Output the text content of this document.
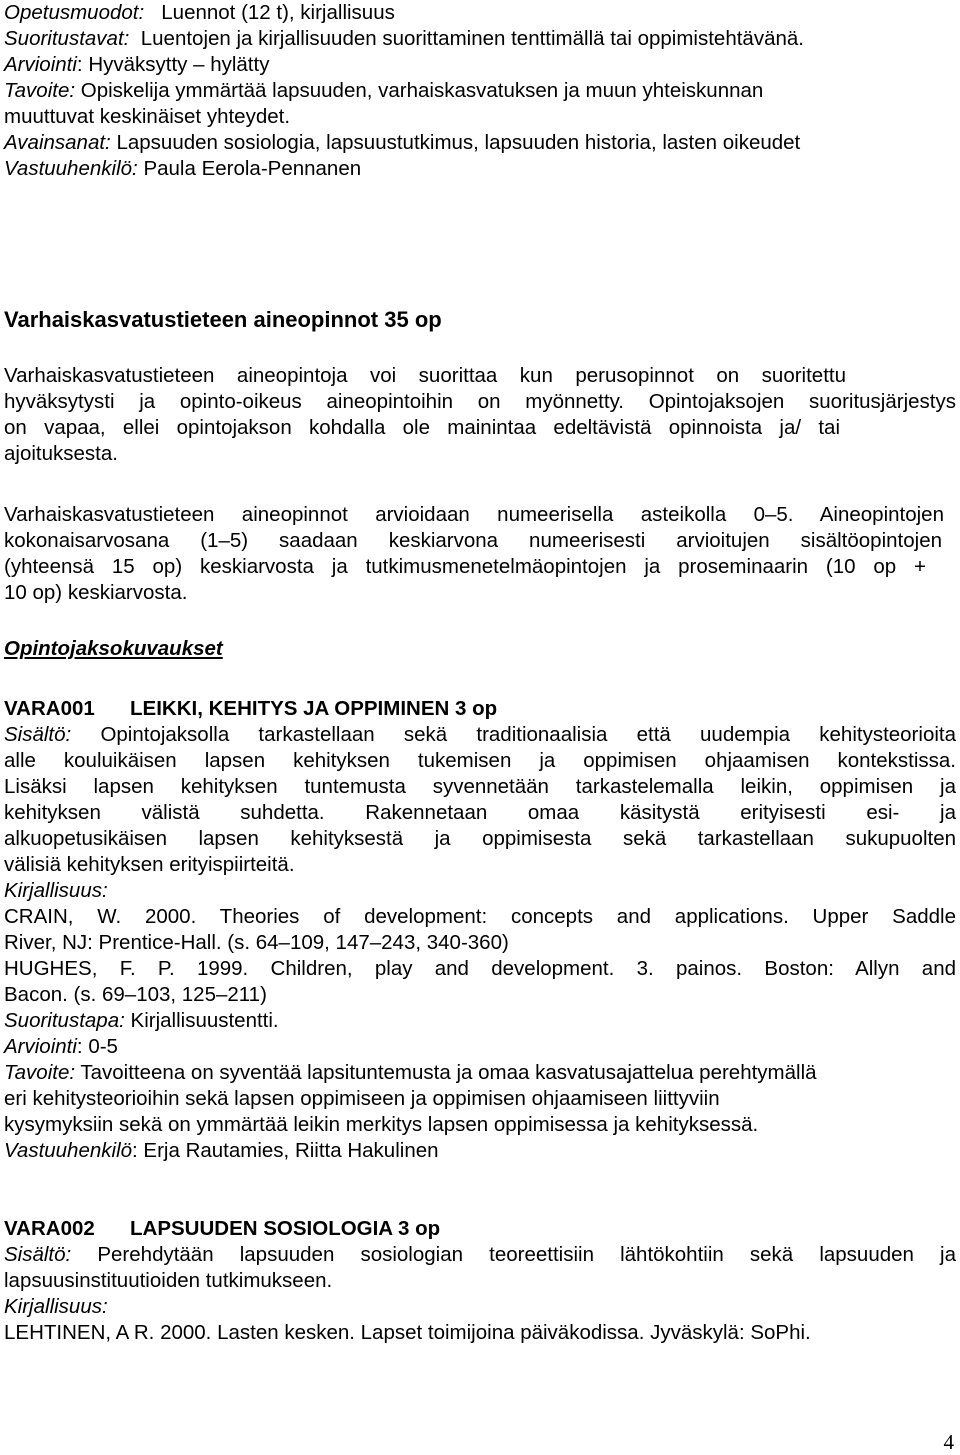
Opetusmuodot: Luennot (12 t), kirjallisuus
Suoritustavat: Luentojen ja kirjallisuuden suorittaminen tenttimällä tai oppimistehtävänä.
Arviointi: Hyväksytty – hylätty
Tavoite: Opiskelija ymmärtää lapsuuden, varhaiskasvatuksen ja muun yhteiskunnan
muuttuvat keskinäiset yhteydet.
Avainsanat: Lapsuuden sosiologia, lapsuustutkimus, lapsuuden historia, lasten oikeudet
Vastuuhenkilö: Paula Eerola-Pennanen
Varhaiskasvatustieteen aineopinnot 35 op
Varhaiskasvatustieteen aineopintoja voi suorittaa kun perusopinnot on suoritettu
hyväksytysti ja opinto-oikeus aineopintoihin on myönnetty. Opintojaksojen suoritusjärjestys
on vapaa, ellei opintojakson kohdalla ole mainintaa edeltävistä opinnoista ja/ tai
ajoituksesta.
Varhaiskasvatustieteen aineopinnot arvioidaan numeerisella asteikolla 0–5. Aineopintojen
kokonaisarvosana (1–5) saadaan keskiarvona numeerisesti arvioitujen sisältöopintojen
(yhteensä 15 op) keskiarvosta ja tutkimusmenetelmäopintojen ja proseminaarin (10 op +
10 op) keskiarvosta.
Opintojaksokuvaukset
VARA001 LEIKKI, KEHITYS JA OPPIMINEN 3 op
Sisältö: Opintojaksolla tarkastellaan sekä traditionaalisia että uudempia kehitysteorioita
alle kouluikäisen lapsen kehityksen tukemisen ja oppimisen ohjaamisen kontekstissa.
Lisäksi lapsen kehityksen tuntemusta syvennetään tarkastelemalla leikin, oppimisen ja
kehityksen välistä suhdetta. Rakennetaan omaa käsitystä erityisesti esi- ja
alkuopetusikäisen lapsen kehityksestä ja oppimisesta sekä tarkastellaan sukupuolten
välisiä kehityksen erityispiirteitä.
Kirjallisuus:
CRAIN, W. 2000. Theories of development: concepts and applications. Upper Saddle
River, NJ: Prentice-Hall. (s. 64–109, 147–243, 340-360)
HUGHES, F. P. 1999. Children, play and development. 3. painos. Boston: Allyn and
Bacon. (s. 69–103, 125–211)
Suoritustapa: Kirjallisuustentti.
Arviointi: 0-5
Tavoite: Tavoitteena on syventää lapsituntemusta ja omaa kasvatusajattelua perehtymällä
eri kehitysteorioihin sekä lapsen oppimiseen ja oppimisen ohjaamiseen liittyviin
kysymyksiin sekä on ymmärtää leikin merkitys lapsen oppimisessa ja kehityksessä.
Vastuuhenkilö: Erja Rautamies, Riitta Hakulinen
VARA002 LAPSUUDEN SOSIOLOGIA 3 op
Sisältö: Perehdytään lapsuuden sosiologian teoreettisiin lähtökohtiin sekä lapsuuden ja
lapsuusinstituutioiden tutkimukseen.
Kirjallisuus:
LEHTINEN, A R. 2000. Lasten kesken. Lapset toimijoina päiväkodissa. Jyväskylä: SoPhi.
4
